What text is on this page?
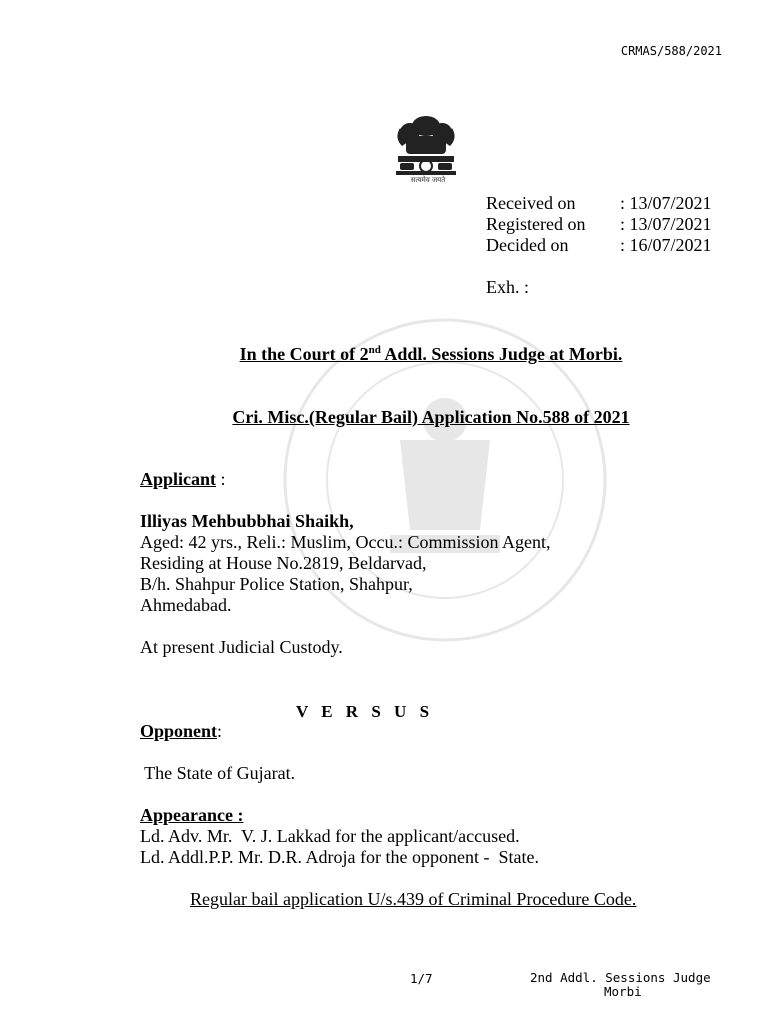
CRMAS/588/2021
सत्यमेव जयते
Received on : 13/07/2021
Registered on : 13/07/2021
Decided on	: 16/07/2021
Exh. :
In the Court of 2nd Addl. Sessions Judge at Morbi.
Cri. Misc.(Regular Bail) Application No.588 of 2021
Applicant :
Illiyas Mehbubbhai Shaikh,
Aged: 42 yrs., Reli.: Muslim, Occu.: Commission Agent,
Residing at House No.2819, Beldarvad,
B/h. Shahpur Police Station, Shahpur,
Ahmedabad.
At present Judicial Custody.
V E R S U S
Opponent:
The State of Gujarat.
Appearance :
Ld. Adv. Mr.  V. J. Lakkad for the applicant/accused.
Ld. Addl.P.P. Mr. D.R. Adroja for the opponent -  State.
Regular bail application U/s.439 of Criminal Procedure Code.
1/7	2nd Addl. Sessions Judge
Morbi
